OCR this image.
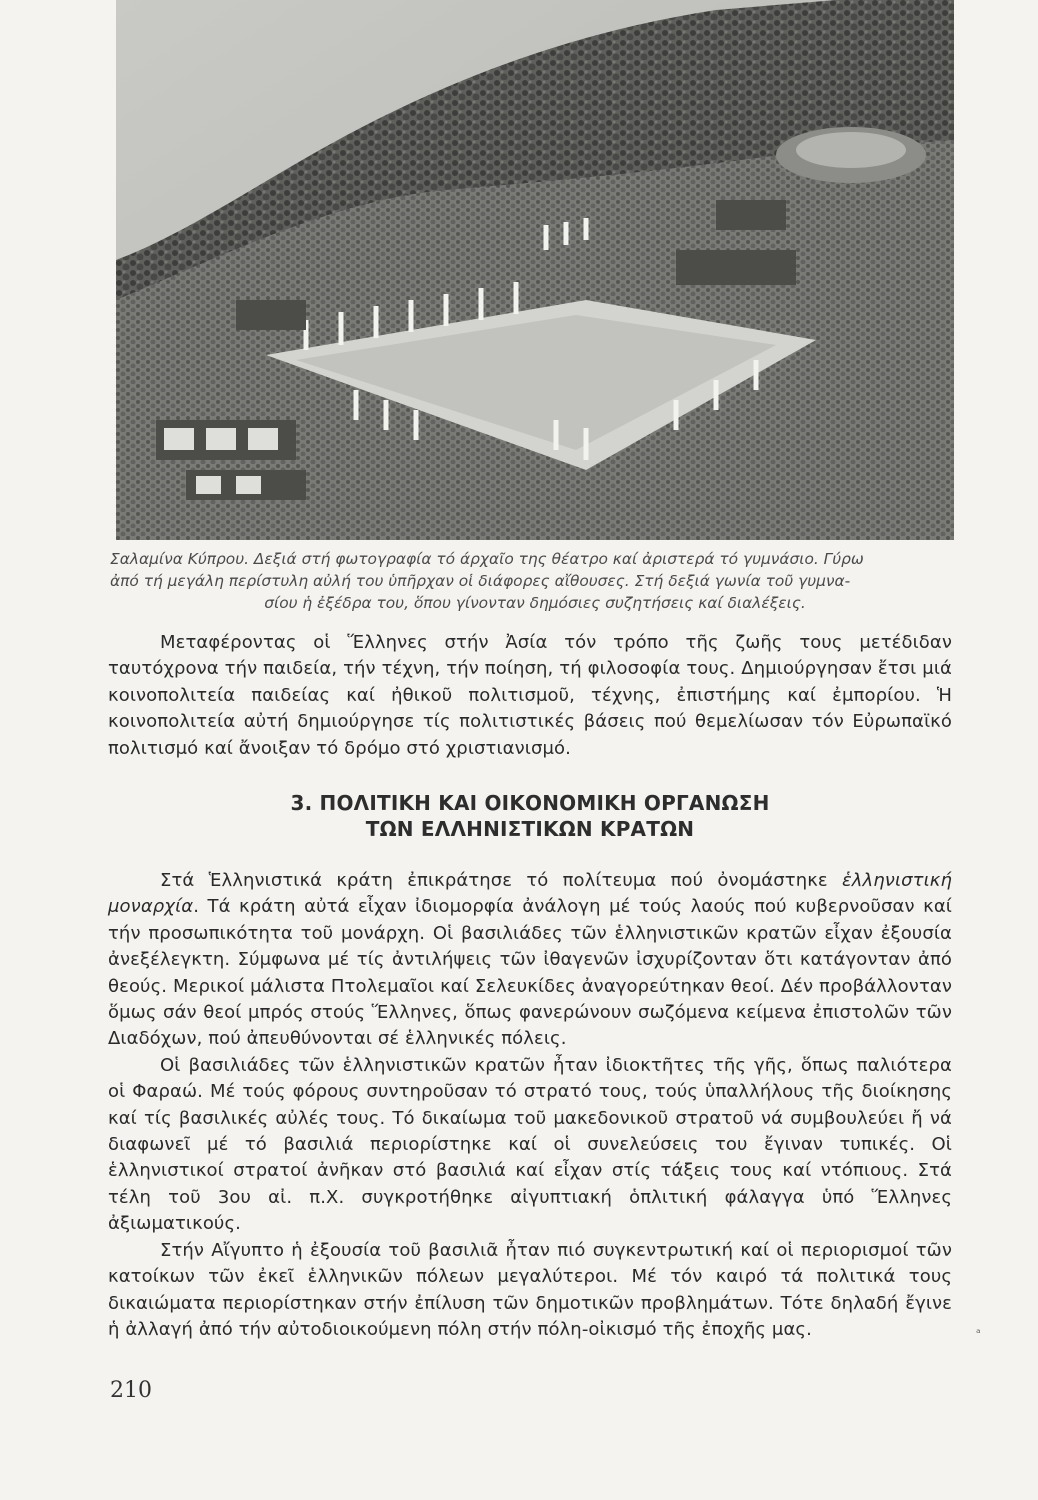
Σαλαμίνα Κύπρου. Δεξιά στή φωτογραφία τό άρχαῖο της θέατρο καί ἀριστερά τό γυμνάσιο. Γύρω
ἀπό τή μεγάλη περίστυλη αὐλή του ὑπῆρχαν οἱ διάφορες αἴθουσες. Στή δεξιά γωνία τοῦ γυμνα-
σίου ἡ ἐξέδρα του, ὅπου γίνονταν δημόσιες συζητήσεις καί διαλέξεις.

Μεταφέροντας οἱ Ἕλληνες στήν Ἀσία τόν τρόπο τῆς ζωῆς τους μετέδιδαν ταυτόχρονα τήν παιδεία, τήν τέχνη, τήν ποίηση, τή φιλοσοφία τους. Δημιούργησαν ἔτσι μιά κοινοπολιτεία παιδείας καί ἠθικοῦ πολιτισμοῦ, τέχνης, ἐπιστήμης καί ἐμπορίου. Ἡ κοινοπολιτεία αὐτή δημιούργησε τίς πολιτιστικές βάσεις πού θεμελίωσαν τόν Εὐρωπαϊκό πολιτισμό καί ἄνοιξαν τό δρόμο στό χριστιανισμό.

3. ΠΟΛΙΤΙΚΗ ΚΑΙ ΟΙΚΟΝΟΜΙΚΗ ΟΡΓΑΝΩΣΗ
ΤΩΝ ΕΛΛΗΝΙΣΤΙΚΩΝ ΚΡΑΤΩΝ

Στά Ἑλληνιστικά κράτη ἐπικράτησε τό πολίτευμα πού ὀνομάστηκε ἑλληνιστική μοναρχία. Τά κράτη αὐτά εἶχαν ἰδιομορφία ἀνάλογη μέ τούς λαούς πού κυβερνοῦσαν καί τήν προσωπικότητα τοῦ μονάρχη. Οἱ βασιλιάδες τῶν ἑλληνιστικῶν κρατῶν εἶχαν ἐξουσία ἀνεξέλεγκτη. Σύμφωνα μέ τίς ἀντιλήψεις τῶν ἰθαγενῶν ἰσχυρίζονταν ὅτι κατάγονταν ἀπό θεούς. Μερικοί μάλιστα Πτολεμαῖοι καί Σελευκίδες ἀναγορεύτηκαν θεοί. Δέν προβάλλονταν ὅμως σάν θεοί μπρός στούς Ἕλληνες, ὅπως φανερώνουν σωζόμενα κείμενα ἐπιστολῶν τῶν Διαδόχων, πού ἀπευθύνονται σέ ἑλληνικές πόλεις.

Οἱ βασιλιάδες τῶν ἑλληνιστικῶν κρατῶν ἦταν ἰδιοκτῆτες τῆς γῆς, ὅπως παλιότερα οἱ Φαραώ. Μέ τούς φόρους συντηροῦσαν τό στρατό τους, τούς ὑπαλλήλους τῆς διοίκησης καί τίς βασιλικές αὐλές τους. Τό δικαίωμα τοῦ μακεδονικοῦ στρατοῦ νά συμβουλεύει ἤ νά διαφωνεῖ μέ τό βασιλιά περιορίστηκε καί οἱ συνελεύσεις του ἔγιναν τυπικές. Οἱ ἑλληνιστικοί στρατοί ἀνῆκαν στό βασιλιά καί εἶχαν στίς τάξεις τους καί ντόπιους. Στά τέλη τοῦ 3ου αἰ. π.Χ. συγκροτήθηκε αἰγυπτιακή ὁπλιτική φάλαγγα ὑπό Ἕλληνες ἀξιωματικούς.

Στήν Αἴγυπτο ἡ ἐξουσία τοῦ βασιλιᾶ ἦταν πιό συγκεντρωτική καί οἱ περιορισμοί τῶν κατοίκων τῶν ἐκεῖ ἑλληνικῶν πόλεων μεγαλύτεροι. Μέ τόν καιρό τά πολιτικά τους δικαιώματα περιορίστηκαν στήν ἐπίλυση τῶν δημοτικῶν προβλημάτων. Τότε δηλαδή ἔγινε ἡ ἀλλαγή ἀπό τήν αὐτοδιοικούμενη πόλη στήν πόλη-οἰκισμό τῆς ἐποχῆς μας.

210
ᵃ
